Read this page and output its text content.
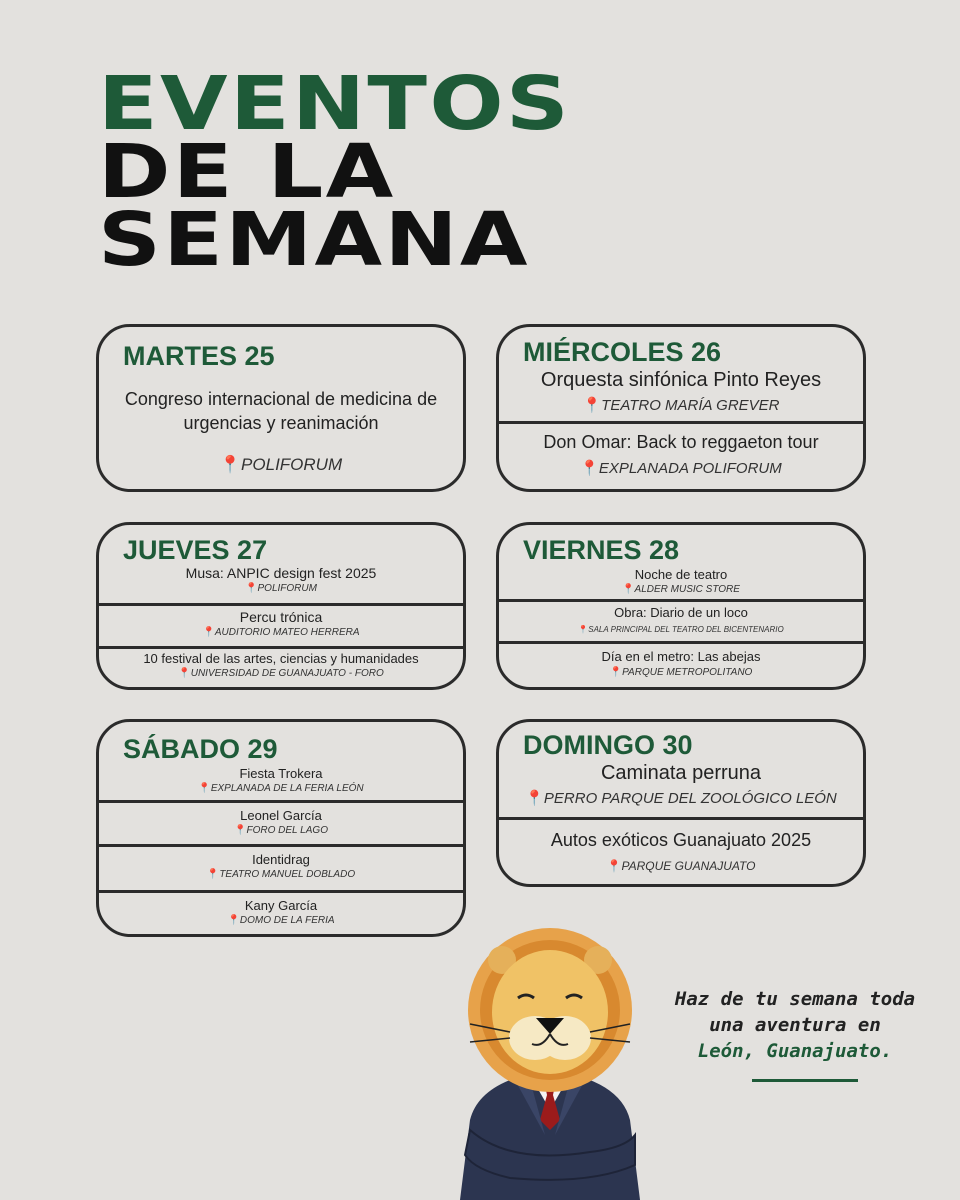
EVENTOS
DE LA
SEMANA
MARTES 25
Congreso internacional de medicina de urgencias y reanimación
📍POLIFORUM
MIÉRCOLES 26
Orquesta sinfónica Pinto Reyes
📍TEATRO MARÍA GREVER
Don Omar: Back to reggaeton tour
📍EXPLANADA POLIFORUM
JUEVES 27
Musa: ANPIC design fest 2025
📍POLIFORUM
Percu trónica
📍AUDITORIO MATEO HERRERA
10 festival de las artes, ciencias y humanidades
📍UNIVERSIDAD DE GUANAJUATO - FORO
VIERNES 28
Noche de teatro
📍ALDER MUSIC STORE
Obra: Diario de un loco
📍SALA PRINCIPAL DEL TEATRO DEL BICENTENARIO
Día en el metro: Las abejas
📍PARQUE METROPOLITANO
SÁBADO 29
Fiesta Trokera
📍EXPLANADA DE LA FERIA LEÓN
Leonel García
📍FORO DEL LAGO
Identidrag
📍TEATRO MANUEL DOBLADO
Kany García
📍DOMO DE LA FERIA
DOMINGO 30
Caminata perruna
📍PERRO PARQUE DEL ZOOLÓGICO LEÓN
Autos exóticos Guanajuato 2025
📍PARQUE GUANAJUATO
Haz de tu semana toda
una aventura en
León, Guanajuato.
